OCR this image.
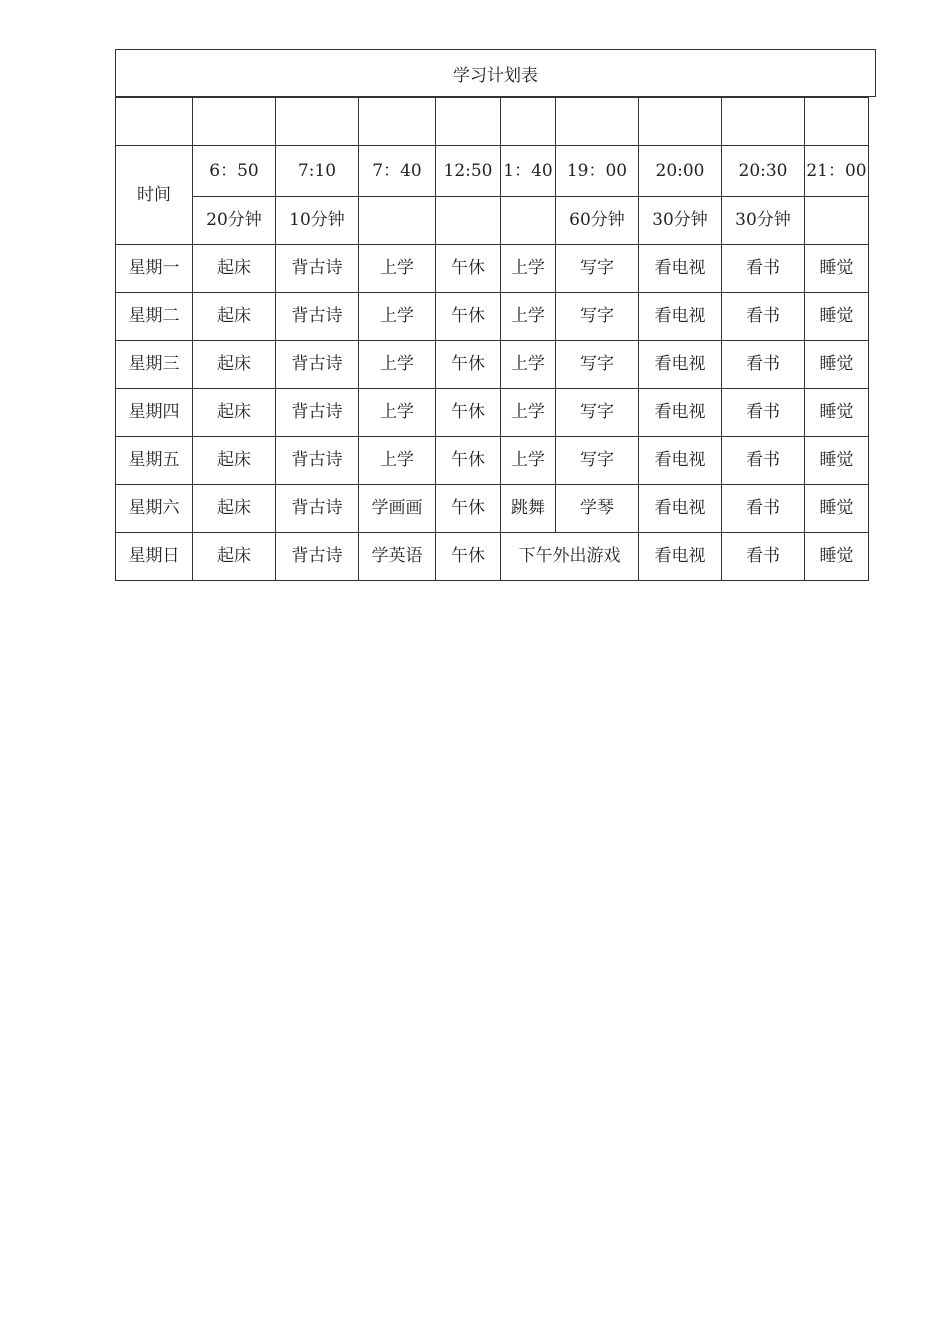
学习计划表

时间	6：50	7:10	7：40	12:50	1：40	19：00	20:00	20:30	21：00
	20分钟	10分钟				60分钟	30分钟	30分钟	
星期一	起床	背古诗	上学	午休	上学	写字	看电视	看书	睡觉
星期二	起床	背古诗	上学	午休	上学	写字	看电视	看书	睡觉
星期三	起床	背古诗	上学	午休	上学	写字	看电视	看书	睡觉
星期四	起床	背古诗	上学	午休	上学	写字	看电视	看书	睡觉
星期五	起床	背古诗	上学	午休	上学	写字	看电视	看书	睡觉
星期六	起床	背古诗	学画画	午休	跳舞	学琴	看电视	看书	睡觉
星期日	起床	背古诗	学英语	午休	下午外出游戏		看电视	看书	睡觉
